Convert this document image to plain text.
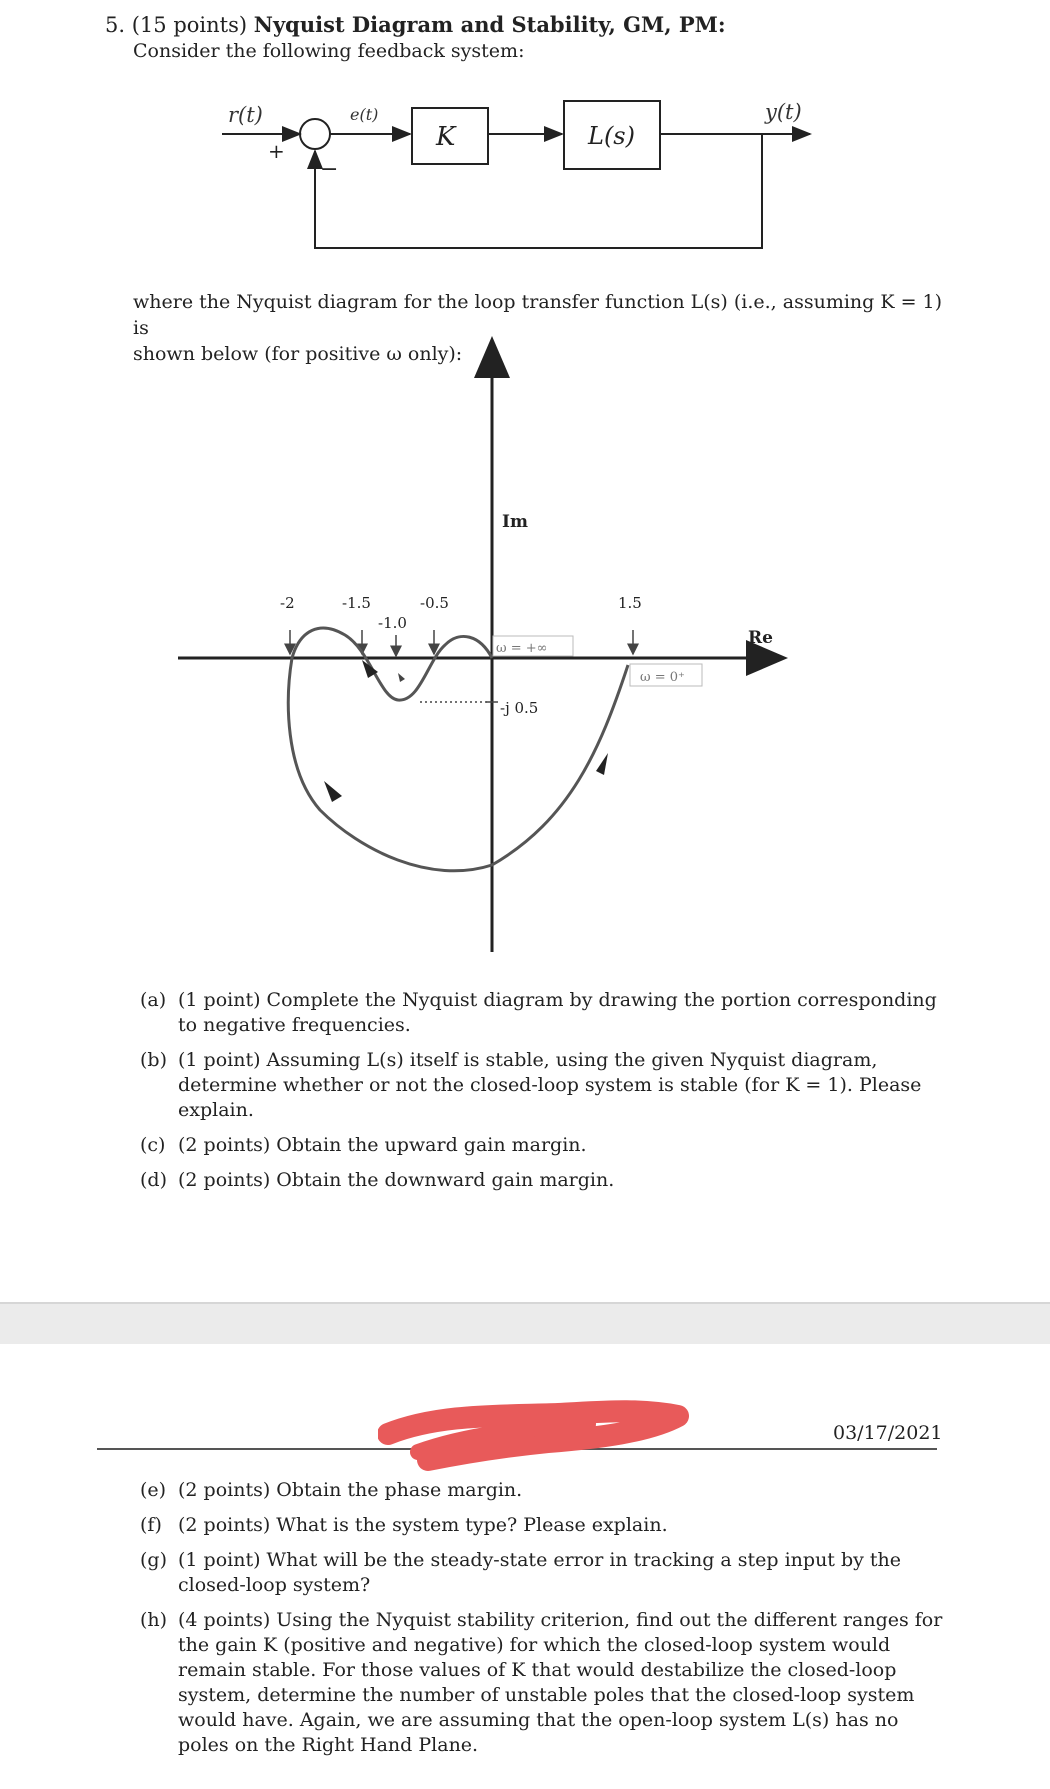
5. (15 points) Nyquist Diagram and Stability, GM, PM:
Consider the following feedback system:
r(t)
+
e(t)
K	L(s)
y(t)
−
where the Nyquist diagram for the loop transfer function L(s) (i.e., assuming K = 1) is
shown below (for positive ω only):
Im
Re
-2	-1.5
-1.0
-0.5	1.5
-j 0.5
ω = +∞
ω = 0⁺
(a) (1 point) Complete the Nyquist diagram by drawing the portion corresponding to negative frequencies.
(b) (1 point) Assuming L(s) itself is stable, using the given Nyquist diagram, determine whether or not the closed-loop system is stable (for K = 1). Please explain.
(c) (2 points) Obtain the upward gain margin.
(d) (2 points) Obtain the downward gain margin.
03/17/2021
(e) (2 points) Obtain the phase margin.
(f) (2 points) What is the system type? Please explain.
(g) (1 point) What will be the steady-state error in tracking a step input by the closed-loop system?
(h) (4 points) Using the Nyquist stability criterion, find out the different ranges for the gain K (positive and negative) for which the closed-loop system would remain stable. For those values of K that would destabilize the closed-loop system, determine the number of unstable poles that the closed-loop system would have. Again, we are assuming that the open-loop system L(s) has no poles on the Right Hand Plane.
